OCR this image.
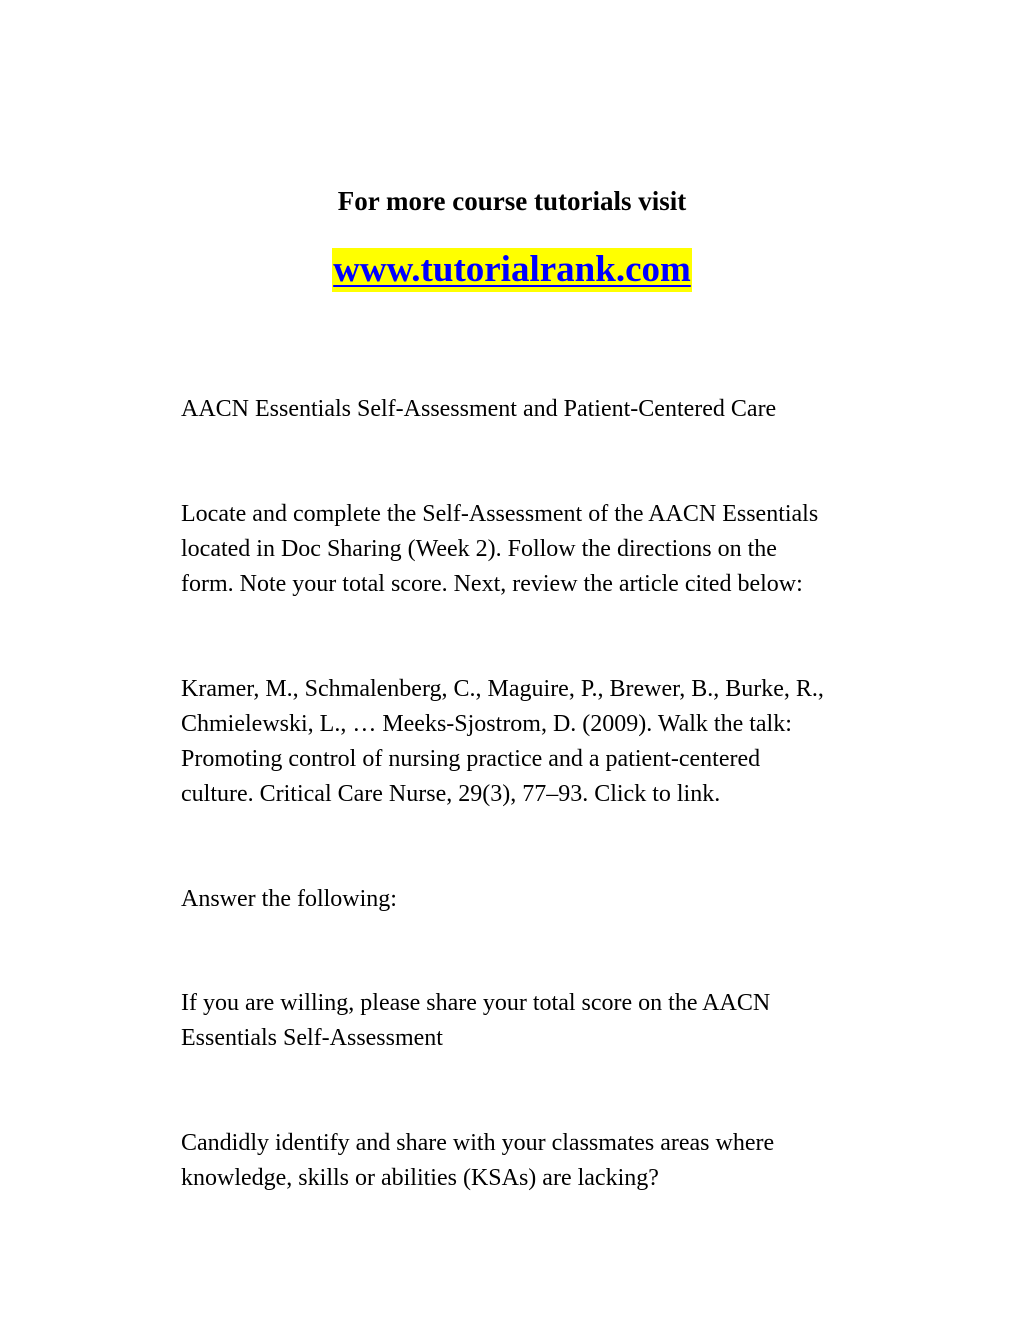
For more course tutorials visit

www.tutorialrank.com

AACN Essentials Self-Assessment and Patient-Centered Care

Locate and complete the Self-Assessment of the AACN Essentials
located in Doc Sharing (Week 2). Follow the directions on the
form. Note your total score. Next, review the article cited below:

Kramer, M., Schmalenberg, C., Maguire, P., Brewer, B., Burke, R.,
Chmielewski, L., … Meeks-Sjostrom, D. (2009). Walk the talk:
Promoting control of nursing practice and a patient-centered
culture. Critical Care Nurse, 29(3), 77–93. Click to link.

Answer the following:

If you are willing, please share your total score on the AACN
Essentials Self-Assessment

Candidly identify and share with your classmates areas where
knowledge, skills or abilities (KSAs) are lacking?
